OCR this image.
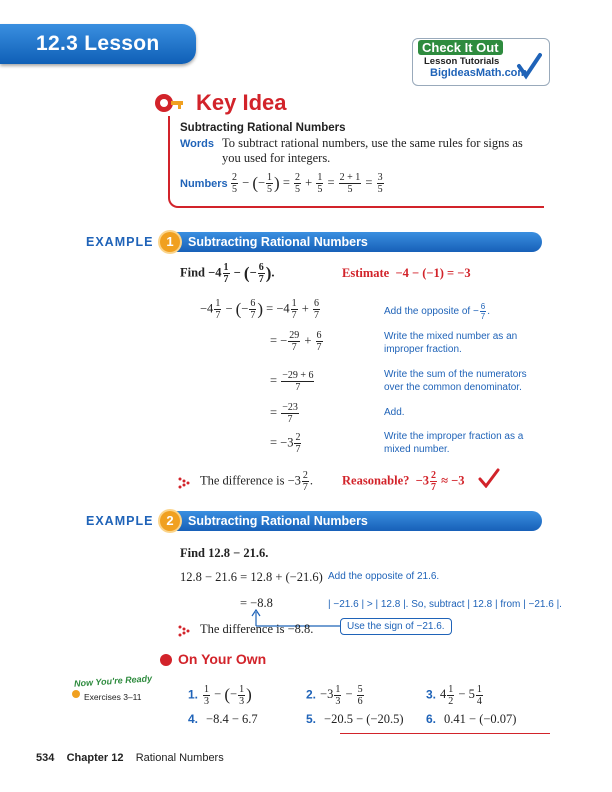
12.3 Lesson	Check It Out
Lesson Tutorials
BigIdeasMath.com
Key Idea
Subtracting Rational Numbers
Words To subtract rational numbers, use the same rules for signs as you used for integers.
Numbers $\frac{2}{5}$ − (− $\frac{1}{5}$ ) = $\frac{2}{5} + \frac{1}{5} = \frac{2 + 1}{5} = \frac{3}{5}$
EXAMPLE	Subtracting Rational Numbers
1
Find $-4 \frac{1}{7}$ − (− $\frac{6}{7}$ ).	Estimate −4 − (−1) = −3
$-4 \frac{1}{7}$ − (− $\frac{6}{7}$ ) = $-4 \frac{1}{7} + \frac{6}{7}$	Add the opposite of − $\frac{6}{7}$ .
= − $\frac{29}{7} + \frac{6}{7}$	Write the mixed number as an improper fraction.
= $\frac{-29 + 6}{7}$	Write the sum of the numerators over the common denominator.
= $\frac{-23}{7}$	Add.
= $-3 \frac{2}{7}$	Write the improper fraction as a mixed number.
The difference is $-3 \frac{2}{7}$ . Reasonable?  $-3 \frac{2}{7} \approx -3$
EXAMPLE	Subtracting Rational Numbers
2
Find 12.8 − 21.6.
12.8 − 21.6 = 12.8 + (−21.6) Add the opposite of 21.6.
= −8.8	| −21.6 | > | 12.8 |. So, subtract | 12.8 | from | −21.6 |.
Use the sign of −21.6.
The difference is −8.8.
On Your Own
Now You're Ready
Exercises 3–11	1. $\frac{1}{3}$ − (− $\frac{1}{3}$ )	2. $-3 \frac{1}{3} - \frac{5}{6}$	3. $4 \frac{1}{2} - 5 \frac{1}{4}$
4. −8.4 − 6.7	5. −20.5 − (−20.5) 6. 0.41 − (−0.07)
534 Chapter 12 Rational Numbers
